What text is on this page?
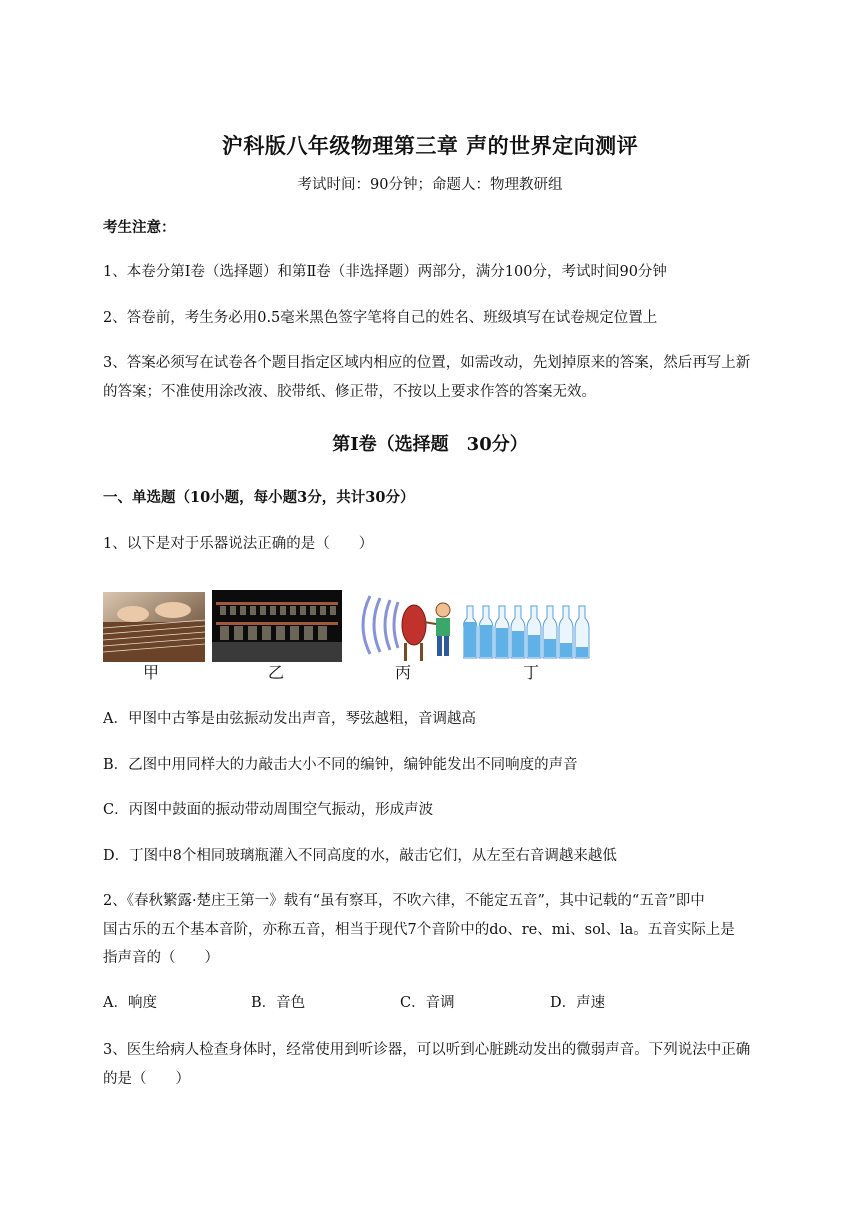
沪科版八年级物理第三章 声的世界定向测评
考试时间：90分钟；命题人：物理教研组
考生注意：
1、本卷分第Ⅰ卷（选择题）和第Ⅱ卷（非选择题）两部分，满分100分，考试时间90分钟
2、答卷前，考生务必用0.5毫米黑色签字笔将自己的姓名、班级填写在试卷规定位置上
3、答案必须写在试卷各个题目指定区域内相应的位置，如需改动，先划掉原来的答案，然后再写上新
的答案；不准使用涂改液、胶带纸、修正带，不按以上要求作答的答案无效。
第Ⅰ卷（选择题　30分）
一、单选题（10小题，每小题3分，共计30分）
1、以下是对于乐器说法正确的是（　　）
甲	乙	丙	丁
A．甲图中古筝是由弦振动发出声音，琴弦越粗，音调越高
B．乙图中用同样大的力敲击大小不同的编钟，编钟能发出不同响度的声音
C．丙图中鼓面的振动带动周围空气振动，形成声波
D．丁图中8个相同玻璃瓶灌入不同高度的水，敲击它们，从左至右音调越来越低
2、《春秋繁露·楚庄王第一》载有“虽有察耳，不吹六律，不能定五音”，其中记载的“五音”即中
国古乐的五个基本音阶，亦称五音，相当于现代7个音阶中的do、re、mi、sol、la。五音实际上是
指声音的（　　）
A．响度	B．音色	C．音调	D．声速
3、医生给病人检查身体时，经常使用到听诊器，可以听到心脏跳动发出的微弱声音。下列说法中正确
的是（　　）
